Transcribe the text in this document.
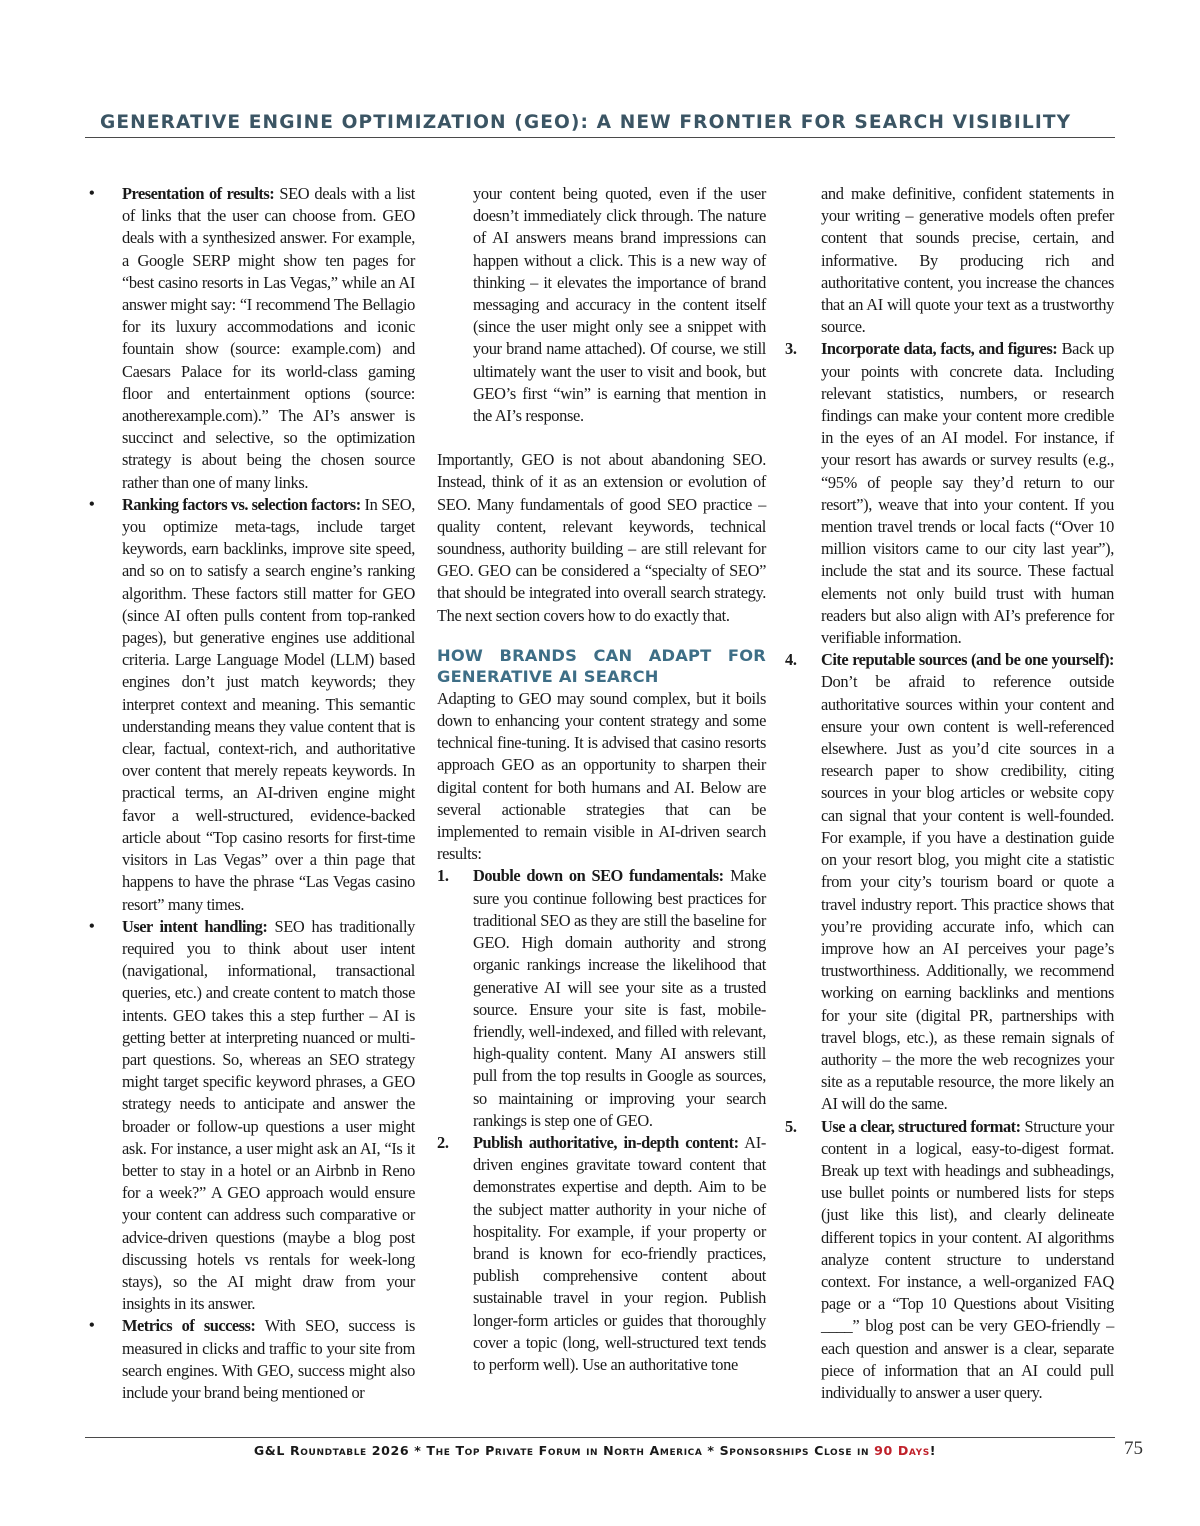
GENERATIVE ENGINE OPTIMIZATION (GEO): A NEW FRONTIER FOR SEARCH VISIBILITY

•	Presentation of results: SEO deals with a list of links that the user can choose from. GEO deals with a synthesized answer. For example, a Google SERP might show ten pages for “best casino resorts in Las Vegas,” while an AI answer might say: “I recommend The Bellagio for its luxury accommodations and iconic fountain show (source: example.com) and Caesars Palace for its world-class gaming floor and entertainment options (source: anotherexample.com).” The AI’s answer is succinct and selective, so the optimization strategy is about being the chosen source rather than one of many links.

•	Ranking factors vs. selection factors: In SEO, you optimize meta-tags, include target keywords, earn backlinks, improve site speed, and so on to satisfy a search engine’s ranking algorithm. These factors still matter for GEO (since AI often pulls content from top-ranked pages), but generative engines use additional criteria. Large Language Model (LLM) based engines don’t just match keywords; they interpret context and meaning. This semantic understanding means they value content that is clear, factual, context-rich, and authoritative over content that merely repeats keywords. In practical terms, an AI-driven engine might favor a well-structured, evidence-backed article about “Top casino resorts for first-time visitors in Las Vegas” over a thin page that happens to have the phrase “Las Vegas casino resort” many times.

•	User intent handling: SEO has traditionally required you to think about user intent (navigational, informational, transactional queries, etc.) and create content to match those intents. GEO takes this a step further – AI is getting better at interpreting nuanced or multi-part questions. So, whereas an SEO strategy might target specific keyword phrases, a GEO strategy needs to anticipate and answer the broader or follow-up questions a user might ask. For instance, a user might ask an AI, “Is it better to stay in a hotel or an Airbnb in Reno for a week?” A GEO approach would ensure your content can address such comparative or advice-driven questions (maybe a blog post discussing hotels vs rentals for week-long stays), so the AI might draw from your insights in its answer.

•	Metrics of success: With SEO, success is measured in clicks and traffic to your site from search engines. With GEO, success might also include your brand being mentioned or

your content being quoted, even if the user doesn’t immediately click through. The nature of AI answers means brand impressions can happen without a click. This is a new way of thinking – it elevates the importance of brand messaging and accuracy in the content itself (since the user might only see a snippet with your brand name attached). Of course, we still ultimately want the user to visit and book, but GEO’s first “win” is earning that mention in the AI’s response.

Importantly, GEO is not about abandoning SEO. Instead, think of it as an extension or evolution of SEO. Many fundamentals of good SEO practice – quality content, relevant keywords, technical soundness, authority building – are still relevant for GEO. GEO can be considered a “specialty of SEO” that should be integrated into overall search strategy. The next section covers how to do exactly that.

HOW BRANDS CAN ADAPT FOR GENERATIVE AI SEARCH

Adapting to GEO may sound complex, but it boils down to enhancing your content strategy and some technical fine-tuning. It is advised that casino resorts approach GEO as an opportunity to sharpen their digital content for both humans and AI. Below are several actionable strategies that can be implemented to remain visible in AI-driven search results:

1.	Double down on SEO fundamentals: Make sure you continue following best practices for traditional SEO as they are still the baseline for GEO. High domain authority and strong organic rankings increase the likelihood that generative AI will see your site as a trusted source. Ensure your site is fast, mobile-friendly, well-indexed, and filled with relevant, high-quality content. Many AI answers still pull from the top results in Google as sources, so maintaining or improving your search rankings is step one of GEO.

2.	Publish authoritative, in-depth content: AI-driven engines gravitate toward content that demonstrates expertise and depth. Aim to be the subject matter authority in your niche of hospitality. For example, if your property or brand is known for eco-friendly practices, publish comprehensive content about sustainable travel in your region. Publish longer-form articles or guides that thoroughly cover a topic (long, well-structured text tends to perform well). Use an authoritative tone

and make definitive, confident statements in your writing – generative models often prefer content that sounds precise, certain, and informative. By producing rich and authoritative content, you increase the chances that an AI will quote your text as a trustworthy source.

3.	Incorporate data, facts, and figures: Back up your points with concrete data. Including relevant statistics, numbers, or research findings can make your content more credible in the eyes of an AI model. For instance, if your resort has awards or survey results (e.g., “95% of people say they’d return to our resort”), weave that into your content. If you mention travel trends or local facts (“Over 10 million visitors came to our city last year”), include the stat and its source. These factual elements not only build trust with human readers but also align with AI’s preference for verifiable information.

4.	Cite reputable sources (and be one yourself): Don’t be afraid to reference outside authoritative sources within your content and ensure your own content is well-referenced elsewhere. Just as you’d cite sources in a research paper to show credibility, citing sources in your blog articles or website copy can signal that your content is well-founded. For example, if you have a destination guide on your resort blog, you might cite a statistic from your city’s tourism board or quote a travel industry report. This practice shows that you’re providing accurate info, which can improve how an AI perceives your page’s trustworthiness. Additionally, we recommend working on earning backlinks and mentions for your site (digital PR, partnerships with travel blogs, etc.), as these remain signals of authority – the more the web recognizes your site as a reputable resource, the more likely an AI will do the same.

5.	Use a clear, structured format: Structure your content in a logical, easy-to-digest format. Break up text with headings and subheadings, use bullet points or numbered lists for steps (just like this list), and clearly delineate different topics in your content. AI algorithms analyze content structure to understand context. For instance, a well-organized FAQ page or a “Top 10 Questions about Visiting ____” blog post can be very GEO-friendly – each question and answer is a clear, separate piece of information that an AI could pull individually to answer a user query.

G&L Roundtable 2026 * The Top Private Forum in North America * Sponsorships Close in 90 Days!	75
